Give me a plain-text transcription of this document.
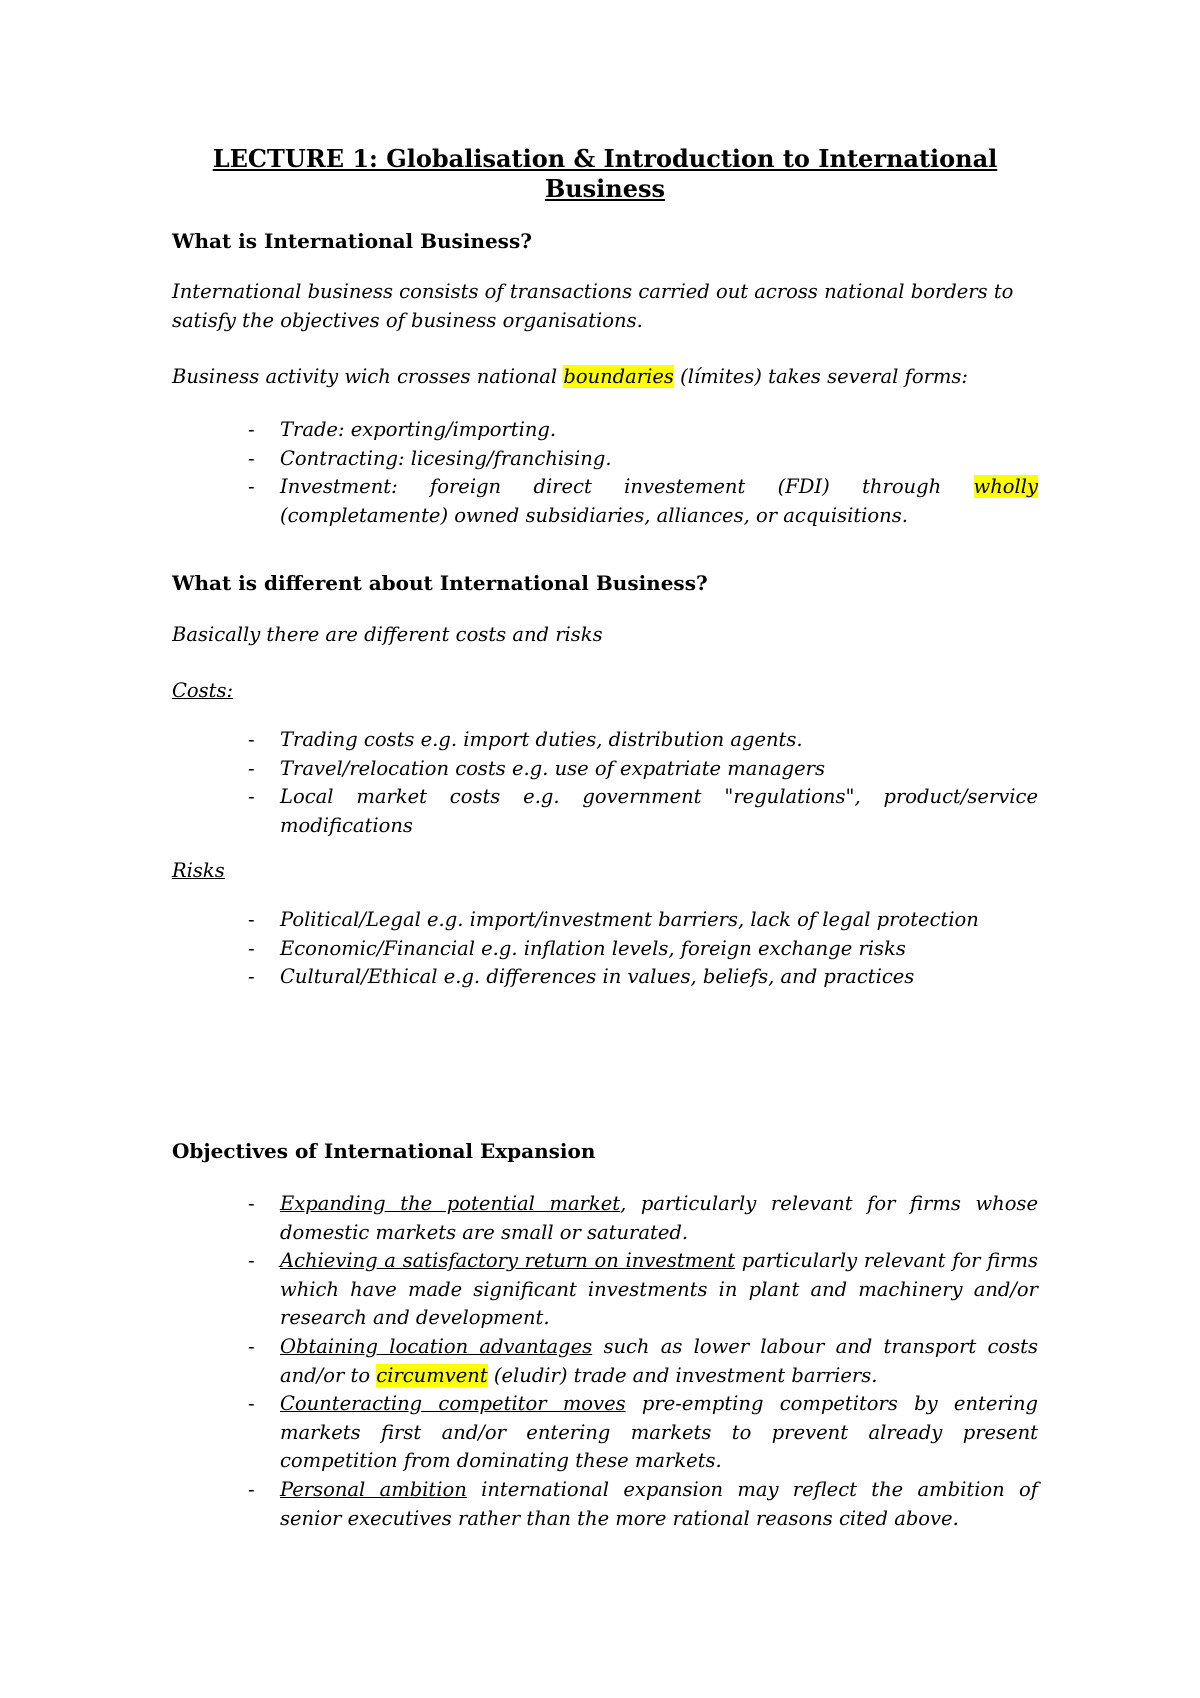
LECTURE 1: Globalisation & Introduction to International Business
What is International Business?
International business consists of transactions carried out across national borders to satisfy the objectives of business organisations.
Business activity wich crosses national boundaries (límites) takes several forms:
- Trade: exporting/importing.
- Contracting: licesing/franchising.
- Investment: foreign direct investement (FDI) through wholly (completamente) owned subsidiaries, alliances, or acquisitions.
What is different about International Business?
Basically there are different costs and risks
Costs:
- Trading costs e.g. import duties, distribution agents.
- Travel/relocation costs e.g. use of expatriate managers
- Local market costs e.g. government "regulations", product/service modifications
Risks
- Political/Legal e.g. import/investment barriers, lack of legal protection
- Economic/Financial e.g. inflation levels, foreign exchange risks
- Cultural/Ethical e.g. differences in values, beliefs, and practices
Objectives of International Expansion
- Expanding the potential market, particularly relevant for firms whose domestic markets are small or saturated.
- Achieving a satisfactory return on investment particularly relevant for firms which have made significant investments in plant and machinery and/or research and development.
- Obtaining location advantages such as lower labour and transport costs and/or to circumvent (eludir) trade and investment barriers.
- Counteracting competitor moves pre-empting competitors by entering markets first and/or entering markets to prevent already present competition from dominating these markets.
- Personal ambition international expansion may reflect the ambition of senior executives rather than the more rational reasons cited above.
